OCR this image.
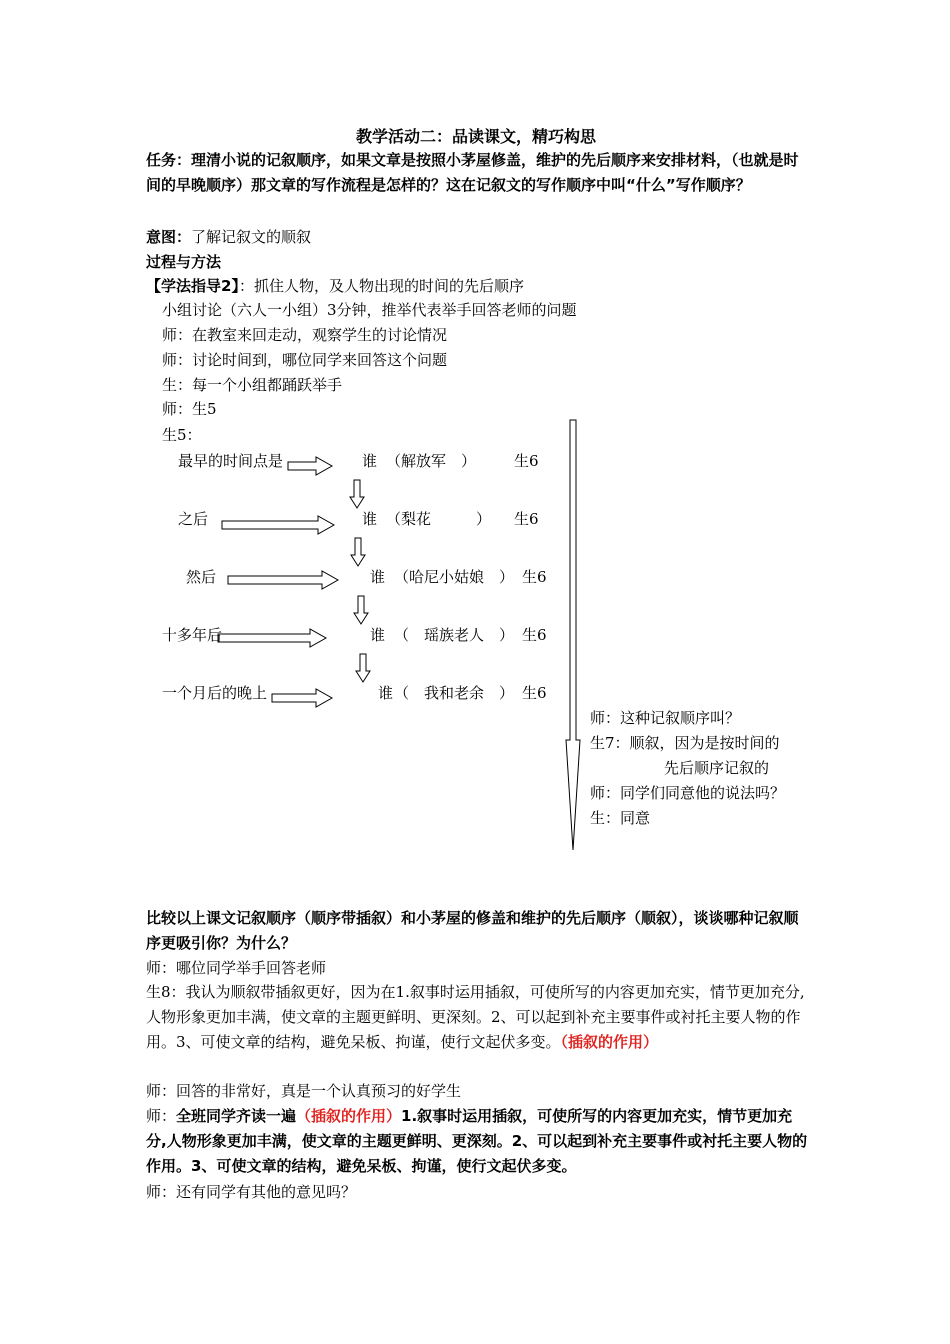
教学活动二：品读课文，精巧构思
任务：理清小说的记叙顺序，如果文章是按照小茅屋修盖，维护的先后顺序来安排材料，（也就是时间的早晚顺序）那文章的写作流程是怎样的？这在记叙文的写作顺序中叫“什么”写作顺序？
意图：了解记叙文的顺叙
过程与方法
【学法指导2】：抓住人物，及人物出现的时间的先后顺序
小组讨论（六人一小组）3分钟，推举代表举手回答老师的问题
师：在教室来回走动，观察学生的讨论情况
师：讨论时间到，哪位同学来回答这个问题
生：每一个小组都踊跃举手
师：生5
生5：
最早的时间点是	谁 （解放军　）	生6
之后	谁 （梨花　　　） 生6
然后	谁 （哈尼小姑娘　） 生6
十多年后	谁 （　瑶族老人　） 生6
一个月后的晚上	谁 （　我和老余　） 生6
师：这种记叙顺序叫？
生7：顺叙，因为是按时间的
先后顺序记叙的
师：同学们同意他的说法吗？
生：同意
比较以上课文记叙顺序（顺序带插叙）和小茅屋的修盖和维护的先后顺序（顺叙），谈谈哪种记叙顺序更吸引你？为什么？
师：哪位同学举手回答老师
生8：我认为顺叙带插叙更好，因为在1.叙事时运用插叙，可使所写的内容更加充实，情节更加充分,人物形象更加丰满，使文章的主题更鲜明、更深刻。2、可以起到补充主要事件或衬托主要人物的作用。3、可使文章的结构，避免呆板、拘谨，使行文起伏多变。（插叙的作用）
师：回答的非常好，真是一个认真预习的好学生
师：全班同学齐读一遍（插叙的作用）1.叙事时运用插叙，可使所写的内容更加充实，情节更加充分,人物形象更加丰满，使文章的主题更鲜明、更深刻。2、可以起到补充主要事件或衬托主要人物的作用。3、可使文章的结构，避免呆板、拘谨，使行文起伏多变。
师：还有同学有其他的意见吗？
